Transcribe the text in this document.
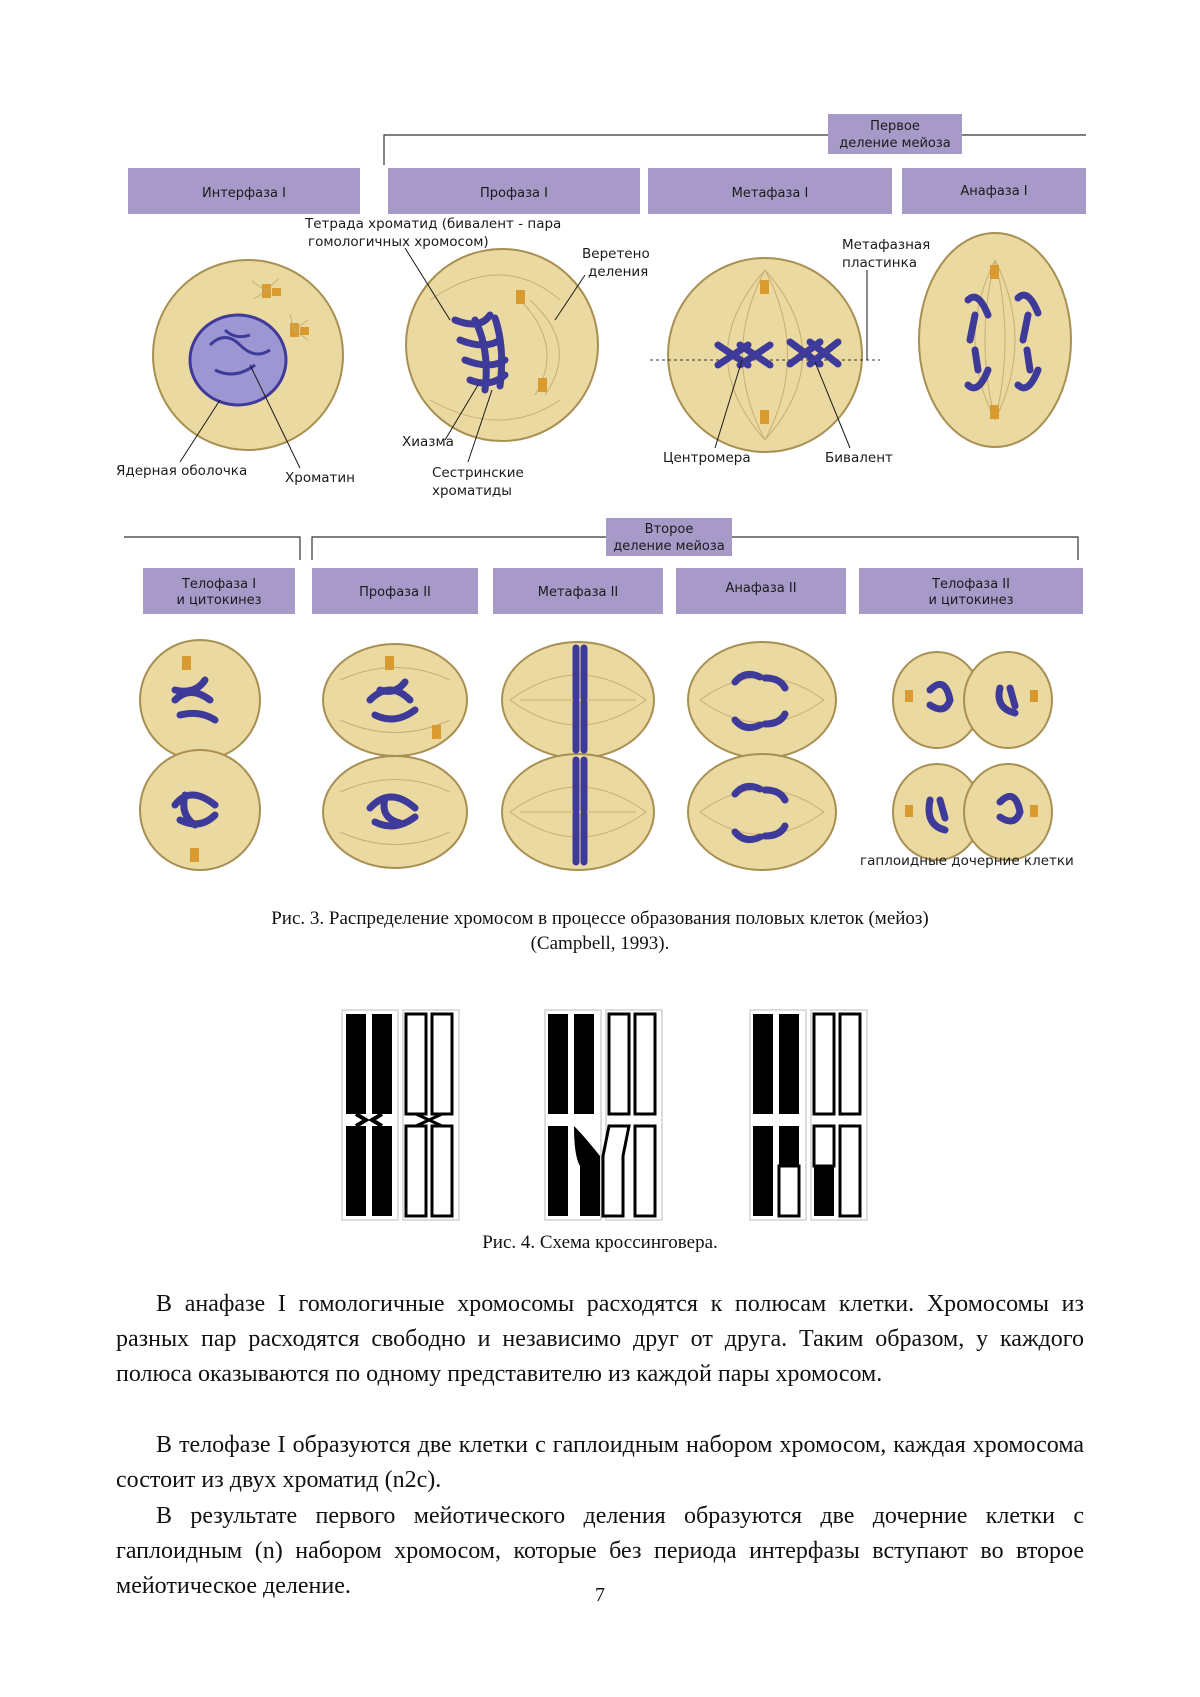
Первое
деление мейоза
Интерфаза I	Профаза I	Метафаза I	Анафаза I
Тетрада хроматид (бивалент - пара
гомологичных хромосом)
Веретено
деления
Метафазная
пластинка
Ядерная оболочка	Хроматин
Хиазма
Сестринские
хроматиды
Центромера	Бивалент
Второе
деление мейоза
Телофаза I
и цитокинез
Профаза II	Метафаза II	Анафаза II	Телофаза II
и цитокинез
гаплоидные дочерние клетки
Рис. 3. Распределение хромосом в процессе образования половых клеток (мейоз)
(Campbell, 1993).
Рис. 4. Схема кроссинговера.

В анафазе I гомологичные хромосомы расходятся к полюсам клетки. Хромосомы из разных пар расходятся свободно и независимо друг от друга. Таким образом, у каждого полюса оказываются по одному представителю из каждой пары хромосом.

В телофазе I образуются две клетки с гаплоидным набором хромосом, каждая хромосома состоит из двух хроматид (n2c).

В результате первого мейотического деления образуются две дочерние клетки с гаплоидным (n) набором хромосом, которые без периода интерфазы вступают во второе мейотическое деление.	7
